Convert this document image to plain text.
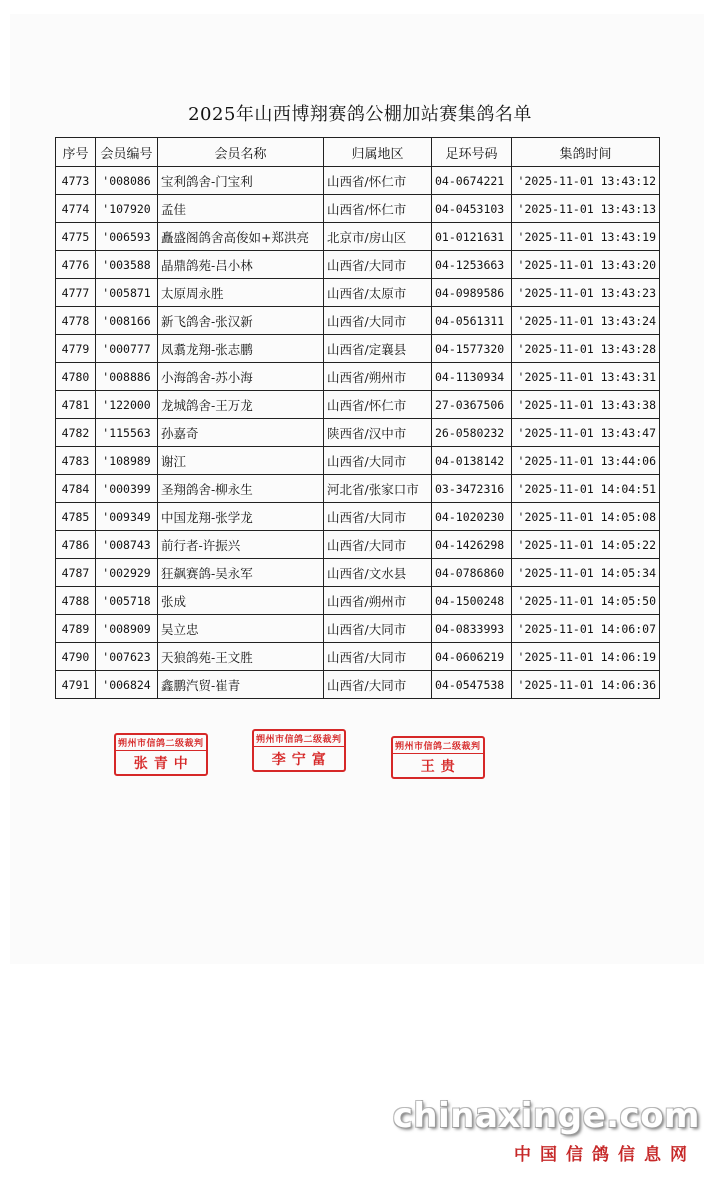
2025年山西博翔赛鸽公棚加站赛集鸽名单
序号	会员编号	会员名称	归属地区	足环号码	集鸽时间
4773	'008086	宝利鸽舍-门宝利	山西省/怀仁市	04-0674221	'2025-11-01 13:43:12
4774	'107920	孟佳	山西省/怀仁市	04-0453103	'2025-11-01 13:43:13
4775	'006593	矗盛阁鸽舍高俊如+郑洪亮	北京市/房山区	01-0121631	'2025-11-01 13:43:19
4776	'003588	晶鼎鸽苑-吕小林	山西省/大同市	04-1253663	'2025-11-01 13:43:20
4777	'005871	太原周永胜	山西省/太原市	04-0989586	'2025-11-01 13:43:23
4778	'008166	新飞鸽舍-张汉新	山西省/大同市	04-0561311	'2025-11-01 13:43:24
4779	'000777	凤翥龙翔-张志鹏	山西省/定襄县	04-1577320	'2025-11-01 13:43:28
4780	'008886	小海鸽舍-苏小海	山西省/朔州市	04-1130934	'2025-11-01 13:43:31
4781	'122000	龙城鸽舍-王万龙	山西省/怀仁市	27-0367506	'2025-11-01 13:43:38
4782	'115563	孙嘉奇	陕西省/汉中市	26-0580232	'2025-11-01 13:43:47
4783	'108989	谢江	山西省/大同市	04-0138142	'2025-11-01 13:44:06
4784	'000399	圣翔鸽舍-柳永生	河北省/张家口市	03-3472316	'2025-11-01 14:04:51
4785	'009349	中国龙翔-张学龙	山西省/大同市	04-1020230	'2025-11-01 14:05:08
4786	'008743	前行者-许振兴	山西省/大同市	04-1426298	'2025-11-01 14:05:22
4787	'002929	狂飙赛鸽-吴永军	山西省/文水县	04-0786860	'2025-11-01 14:05:34
4788	'005718	张成	山西省/朔州市	04-1500248	'2025-11-01 14:05:50
4789	'008909	吴立忠	山西省/大同市	04-0833993	'2025-11-01 14:06:07
4790	'007623	天狼鸽苑-王文胜	山西省/大同市	04-0606219	'2025-11-01 14:06:19
4791	'006824	鑫鹏汽贸-崔青	山西省/大同市	04-0547538	'2025-11-01 14:06:36
朔州市信鸽二级裁判
张青中
朔州市信鸽二级裁判
李宁富
朔州市信鸽二级裁判
王贵
chinaxinge.com
中国信鸽信息网
